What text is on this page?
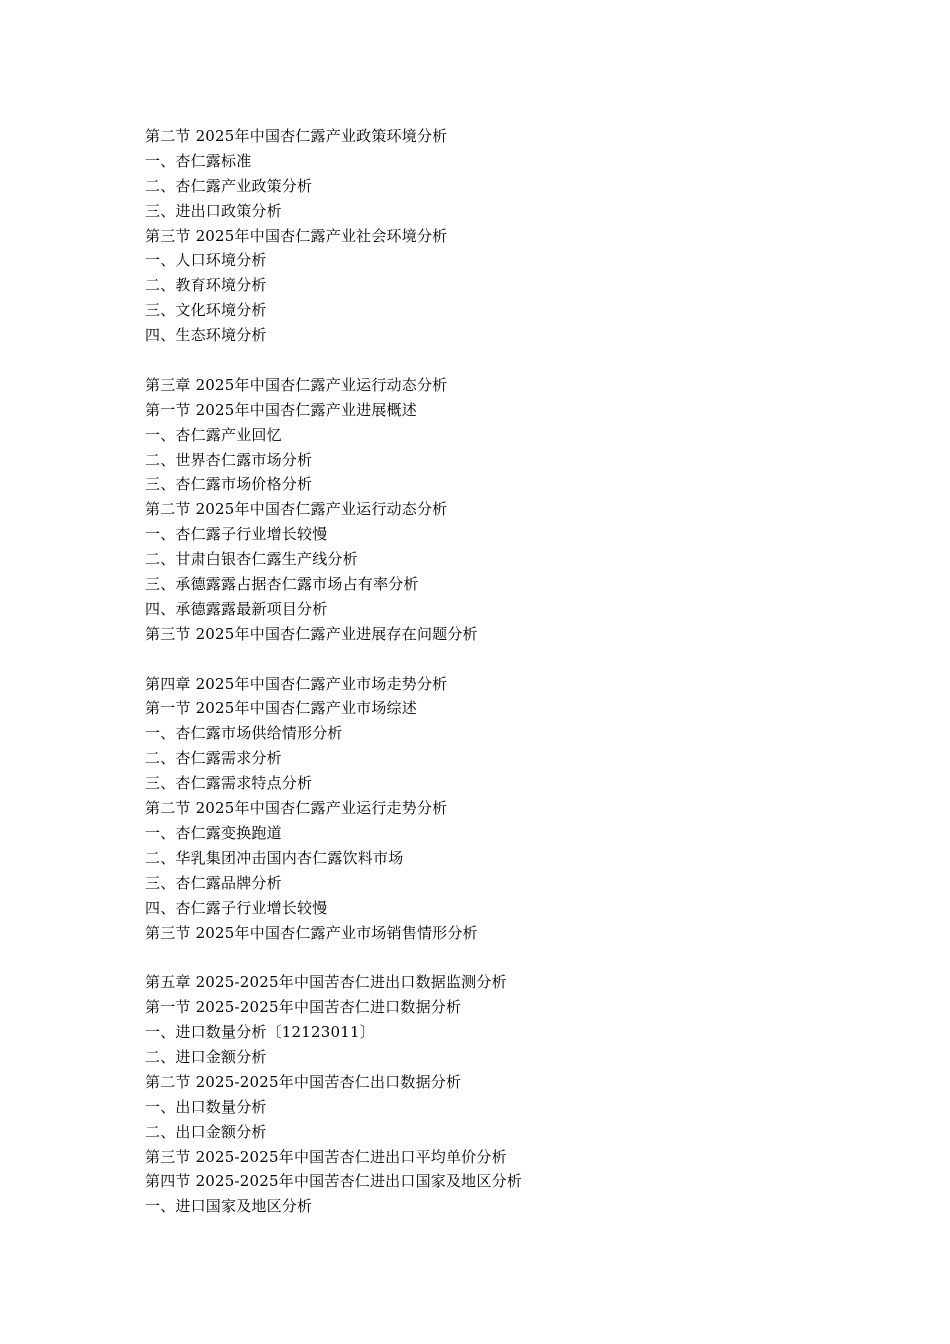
第二节 2025年中国杏仁露产业政策环境分析
一、杏仁露标准
二、杏仁露产业政策分析
三、进出口政策分析
第三节 2025年中国杏仁露产业社会环境分析
一、人口环境分析
二、教育环境分析
三、文化环境分析
四、生态环境分析
第三章 2025年中国杏仁露产业运行动态分析
第一节 2025年中国杏仁露产业进展概述
一、杏仁露产业回忆
二、世界杏仁露市场分析
三、杏仁露市场价格分析
第二节 2025年中国杏仁露产业运行动态分析
一、杏仁露子行业增长较慢
二、甘肃白银杏仁露生产线分析
三、承德露露占据杏仁露市场占有率分析
四、承德露露最新项目分析
第三节 2025年中国杏仁露产业进展存在问题分析
第四章 2025年中国杏仁露产业市场走势分析
第一节 2025年中国杏仁露产业市场综述
一、杏仁露市场供给情形分析
二、杏仁露需求分析
三、杏仁露需求特点分析
第二节 2025年中国杏仁露产业运行走势分析
一、杏仁露变换跑道
二、华乳集团冲击国内杏仁露饮料市场
三、杏仁露品牌分析
四、杏仁露子行业增长较慢
第三节 2025年中国杏仁露产业市场销售情形分析
第五章 2025-2025年中国苦杏仁进出口数据监测分析
第一节 2025-2025年中国苦杏仁进口数据分析
一、进口数量分析〔12123011〕
二、进口金额分析
第二节 2025-2025年中国苦杏仁出口数据分析
一、出口数量分析
二、出口金额分析
第三节 2025-2025年中国苦杏仁进出口平均单价分析
第四节 2025-2025年中国苦杏仁进出口国家及地区分析
一、进口国家及地区分析
